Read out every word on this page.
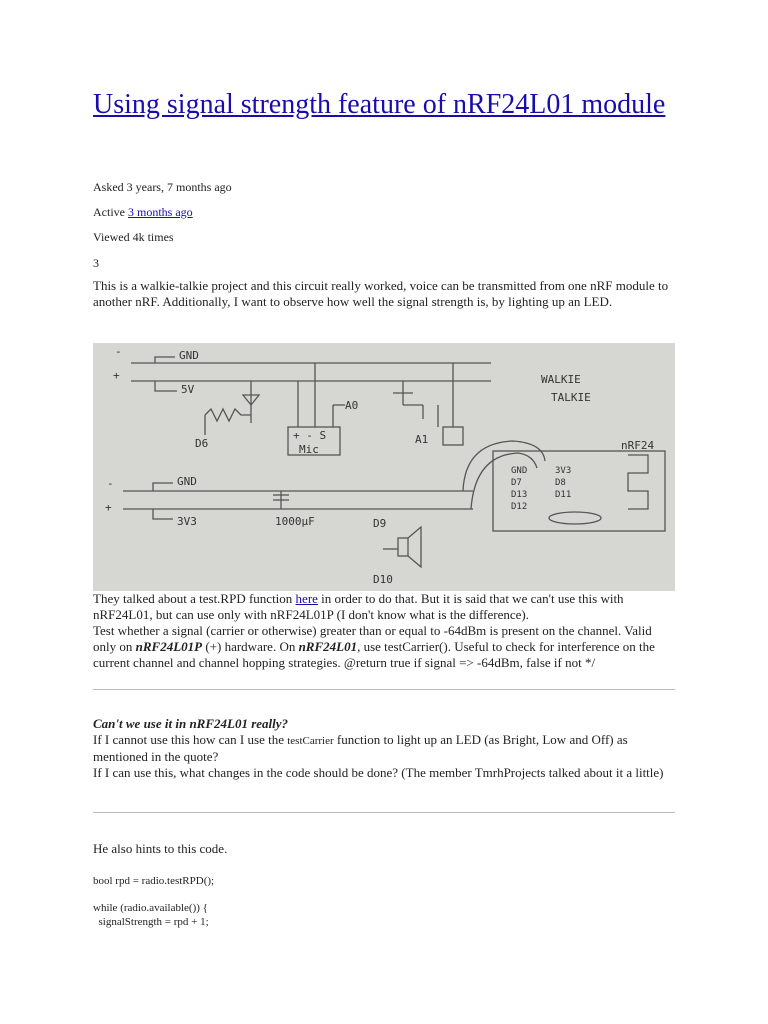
Using signal strength feature of nRF24L01 module
Asked 3 years, 7 months ago
Active 3 months ago
Viewed 4k times
3

This is a walkie-talkie project and this circuit really worked, voice can be transmitted from one nRF module to another nRF. Additionally, I want to observe how well the signal strength is, by lighting up an LED.

-
+
GND
5V
A0
D6
+ - S
Mic
A1
WALKIE
TALKIE
nRF24
-
+
GND
3V3	1000μF	D9
D10
GND	3V3
D7	D8
D13	D11
D12

They talked about a test.RPD function here in order to do that. But it is said that we can't use this with nRF24L01, but can use only with nRF24L01P (I don't know what is the difference).
Test whether a signal (carrier or otherwise) greater than or equal to -64dBm is present on the channel. Valid only on nRF24L01P (+) hardware. On nRF24L01, use testCarrier(). Useful to check for interference on the current channel and channel hopping strategies. @return true if signal => -64dBm, false if not */

Can't we use it in nRF24L01 really?
If I cannot use this how can I use the testCarrier function to light up an LED (as Bright, Low and Off) as mentioned in the quote?
If I can use this, what changes in the code should be done? (The member TmrhProjects talked about it a little)

He also hints to this code.

bool rpd = radio.testRPD();
while (radio.available()) {
signalStrength = rpd + 1;
